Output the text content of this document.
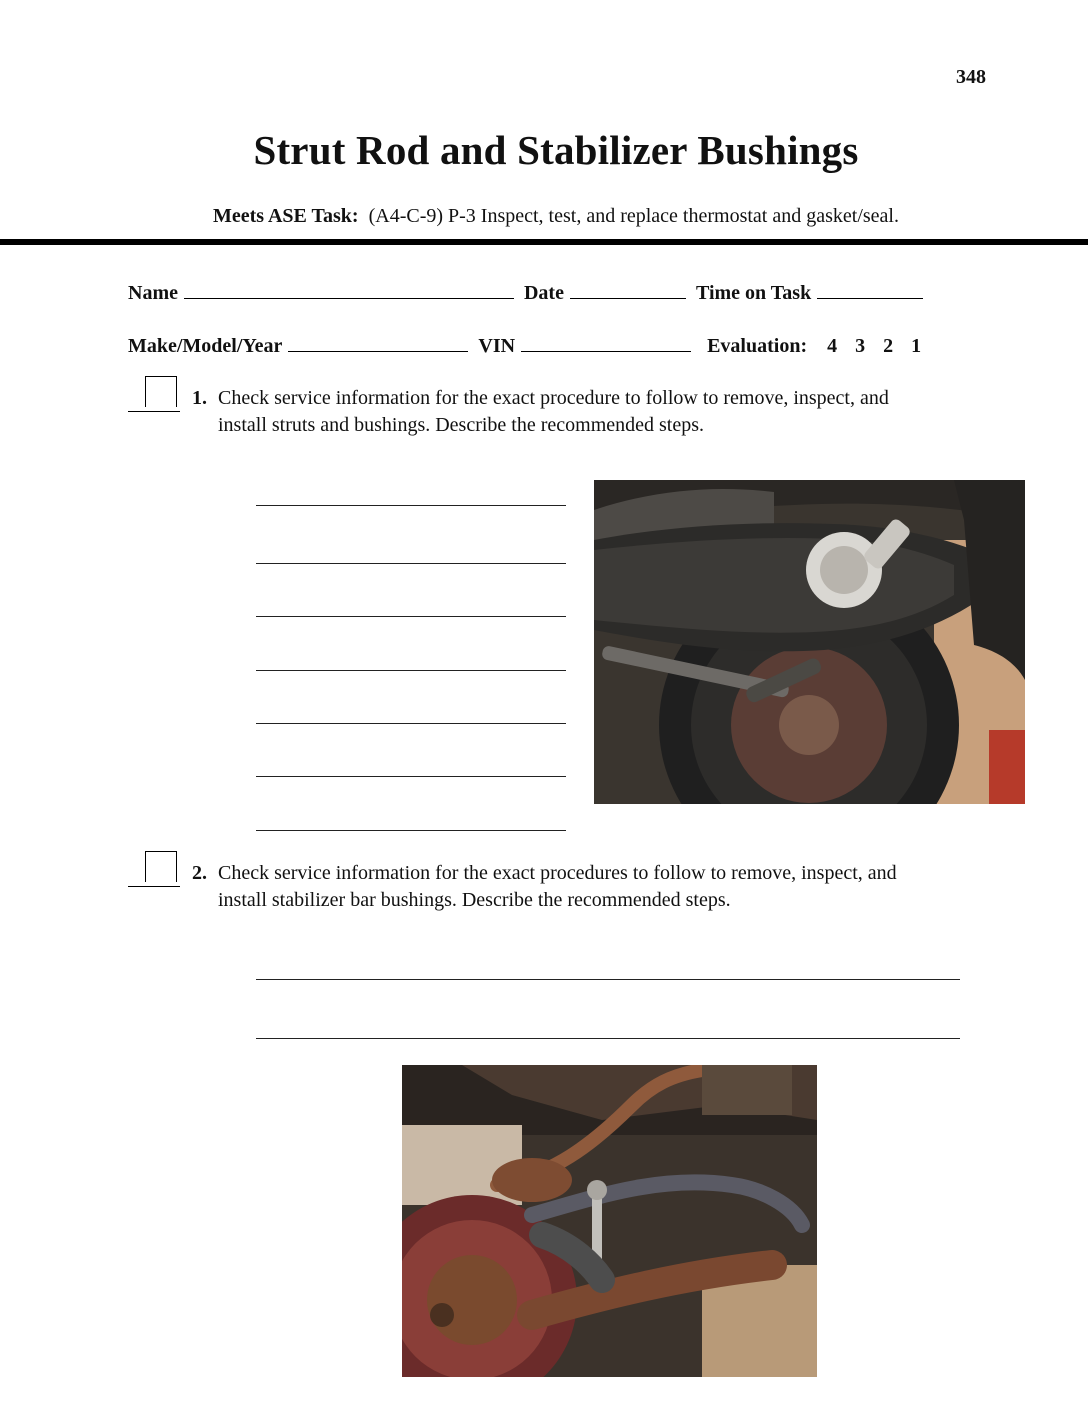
348
Strut Rod and Stabilizer Bushings
Meets ASE Task: (A4-C-9) P-3 Inspect, test, and replace thermostat and gasket/seal.
Name	Date	Time on Task
Make/Model/Year	VIN	Evaluation: 4 3 2 1
1. Check service information for the exact procedure to follow to remove, inspect, and
install struts and bushings. Describe the recommended steps.
2. Check service information for the exact procedures to follow to remove, inspect, and
install stabilizer bar bushings. Describe the recommended steps.
